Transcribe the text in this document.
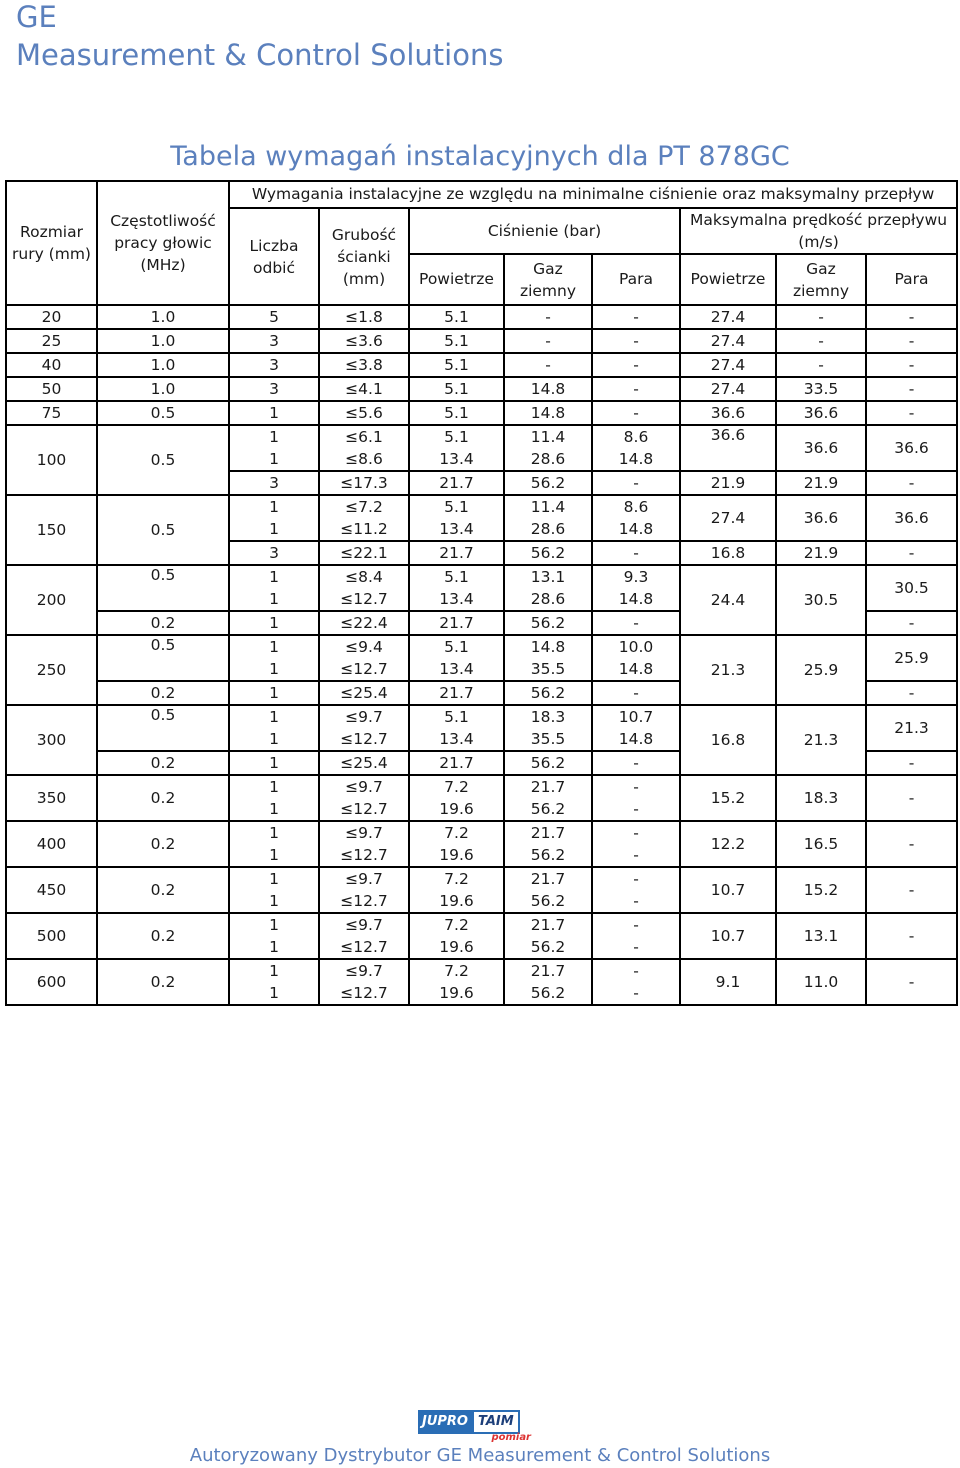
GE
Measurement & Control Solutions
Tabela wymagań instalacyjnych dla PT 878GC
Rozmiar rury (mm)	Częstotliwość pracy głowic (MHz)	Wymagania instalacyjne ze względu na minimalne ciśnienie oraz maksymalny przepływ							
		Liczba odbić	Grubość ścianki (mm)	Ciśnienie (bar)			Maksymalna prędkość przepływu (m/s)		
				Powietrze	Gaz ziemny	Para	Powietrze	Gaz ziemny	Para
20	1.0	5	≤1.8	5.1	-	-	27.4	-	-
25	1.0	3	≤3.6	5.1	-	-	27.4	-	-
40	1.0	3	≤3.8	5.1	-	-	27.4	-	-
50	1.0	3	≤4.1	5.1	14.8	-	27.4	33.5	-
75	0.5	1	≤5.6	5.1	14.8	-	36.6	36.6	-
100	0.5	1	≤6.1	5.1	11.4	8.6	36.6	36.6	36.6
		1	≤8.6	13.4	28.6	14.8			
		3	≤17.3	21.7	56.2	-	21.9	21.9	-
150	0.5	1	≤7.2	5.1	11.4	8.6	27.4	36.6	36.6
		1	≤11.2	13.4	28.6	14.8			
		3	≤22.1	21.7	56.2	-	16.8	21.9	-
200	0.5	1	≤8.4	5.1	13.1	9.3	24.4	30.5	30.5
		1	≤12.7	13.4	28.6	14.8			
	0.2	1	≤22.4	21.7	56.2	-			-
250	0.5	1	≤9.4	5.1	14.8	10.0	21.3	25.9	25.9
		1	≤12.7	13.4	35.5	14.8			
	0.2	1	≤25.4	21.7	56.2	-			-
300	0.5	1	≤9.7	5.1	18.3	10.7	16.8	21.3	21.3
		1	≤12.7	13.4	35.5	14.8			
	0.2	1	≤25.4	21.7	56.2	-			-
350	0.2	1	≤9.7	7.2	21.7	-	15.2	18.3	-
		1	≤12.7	19.6	56.2	-			
400	0.2	1	≤9.7	7.2	21.7	-	12.2	16.5	-
		1	≤12.7	19.6	56.2	-			
450	0.2	1	≤9.7	7.2	21.7	-	10.7	15.2	-
		1	≤12.7	19.6	56.2	-			
500	0.2	1	≤9.7	7.2	21.7	-	10.7	13.1	-
		1	≤12.7	19.6	56.2	-			
600	0.2	1	≤9.7	7.2	21.7	-	9.1	11.0	-
		1	≤12.7	19.6	56.2	-			
JUPRO TAIM
pomiar
Autoryzowany Dystrybutor GE Measurement & Control Solutions
